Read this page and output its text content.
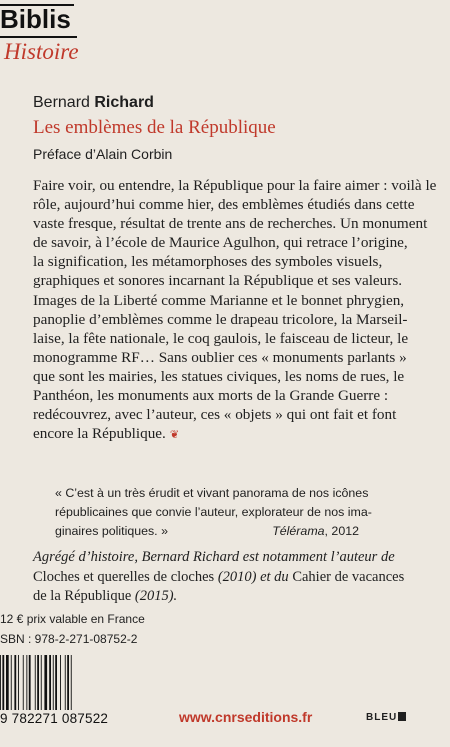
Biblis
Histoire
Bernard Richard
Les emblèmes de la République
Préface d’Alain Corbin
Faire voir, ou entendre, la République pour la faire aimer : voilà le
rôle, aujourd’hui comme hier, des emblèmes étudiés dans cette
vaste fresque, résultat de trente ans de recherches. Un monument
de savoir, à l’école de Maurice Agulhon, qui retrace l’origine,
la signification, les métamorphoses des symboles visuels,
graphiques et sonores incarnant la République et ses valeurs.
Images de la Liberté comme Marianne et le bonnet phrygien,
panoplie d’emblèmes comme le drapeau tricolore, la Marseil-
laise, la fête nationale, le coq gaulois, le faisceau de licteur, le
monogramme RF… Sans oublier ces « monuments parlants »
que sont les mairies, les statues civiques, les noms de rues, le
Panthéon, les monuments aux morts de la Grande Guerre :
redécouvrez, avec l’auteur, ces « objets » qui ont fait et font
encore la République. ❦
« C’est à un très érudit et vivant panorama de nos icônes
républicaines que convie l’auteur, explorateur de nos ima-
ginaires politiques. »	Télérama, 2012
Agrégé d’histoire, Bernard Richard est notamment l’auteur de
Cloches et querelles de cloches (2010) et du Cahier de vacances
de la République (2015).
12 € prix valable en France
SBN : 978-2-271-08752-2
9 782271 087522	www.cnrseditions.fr	BLEU
